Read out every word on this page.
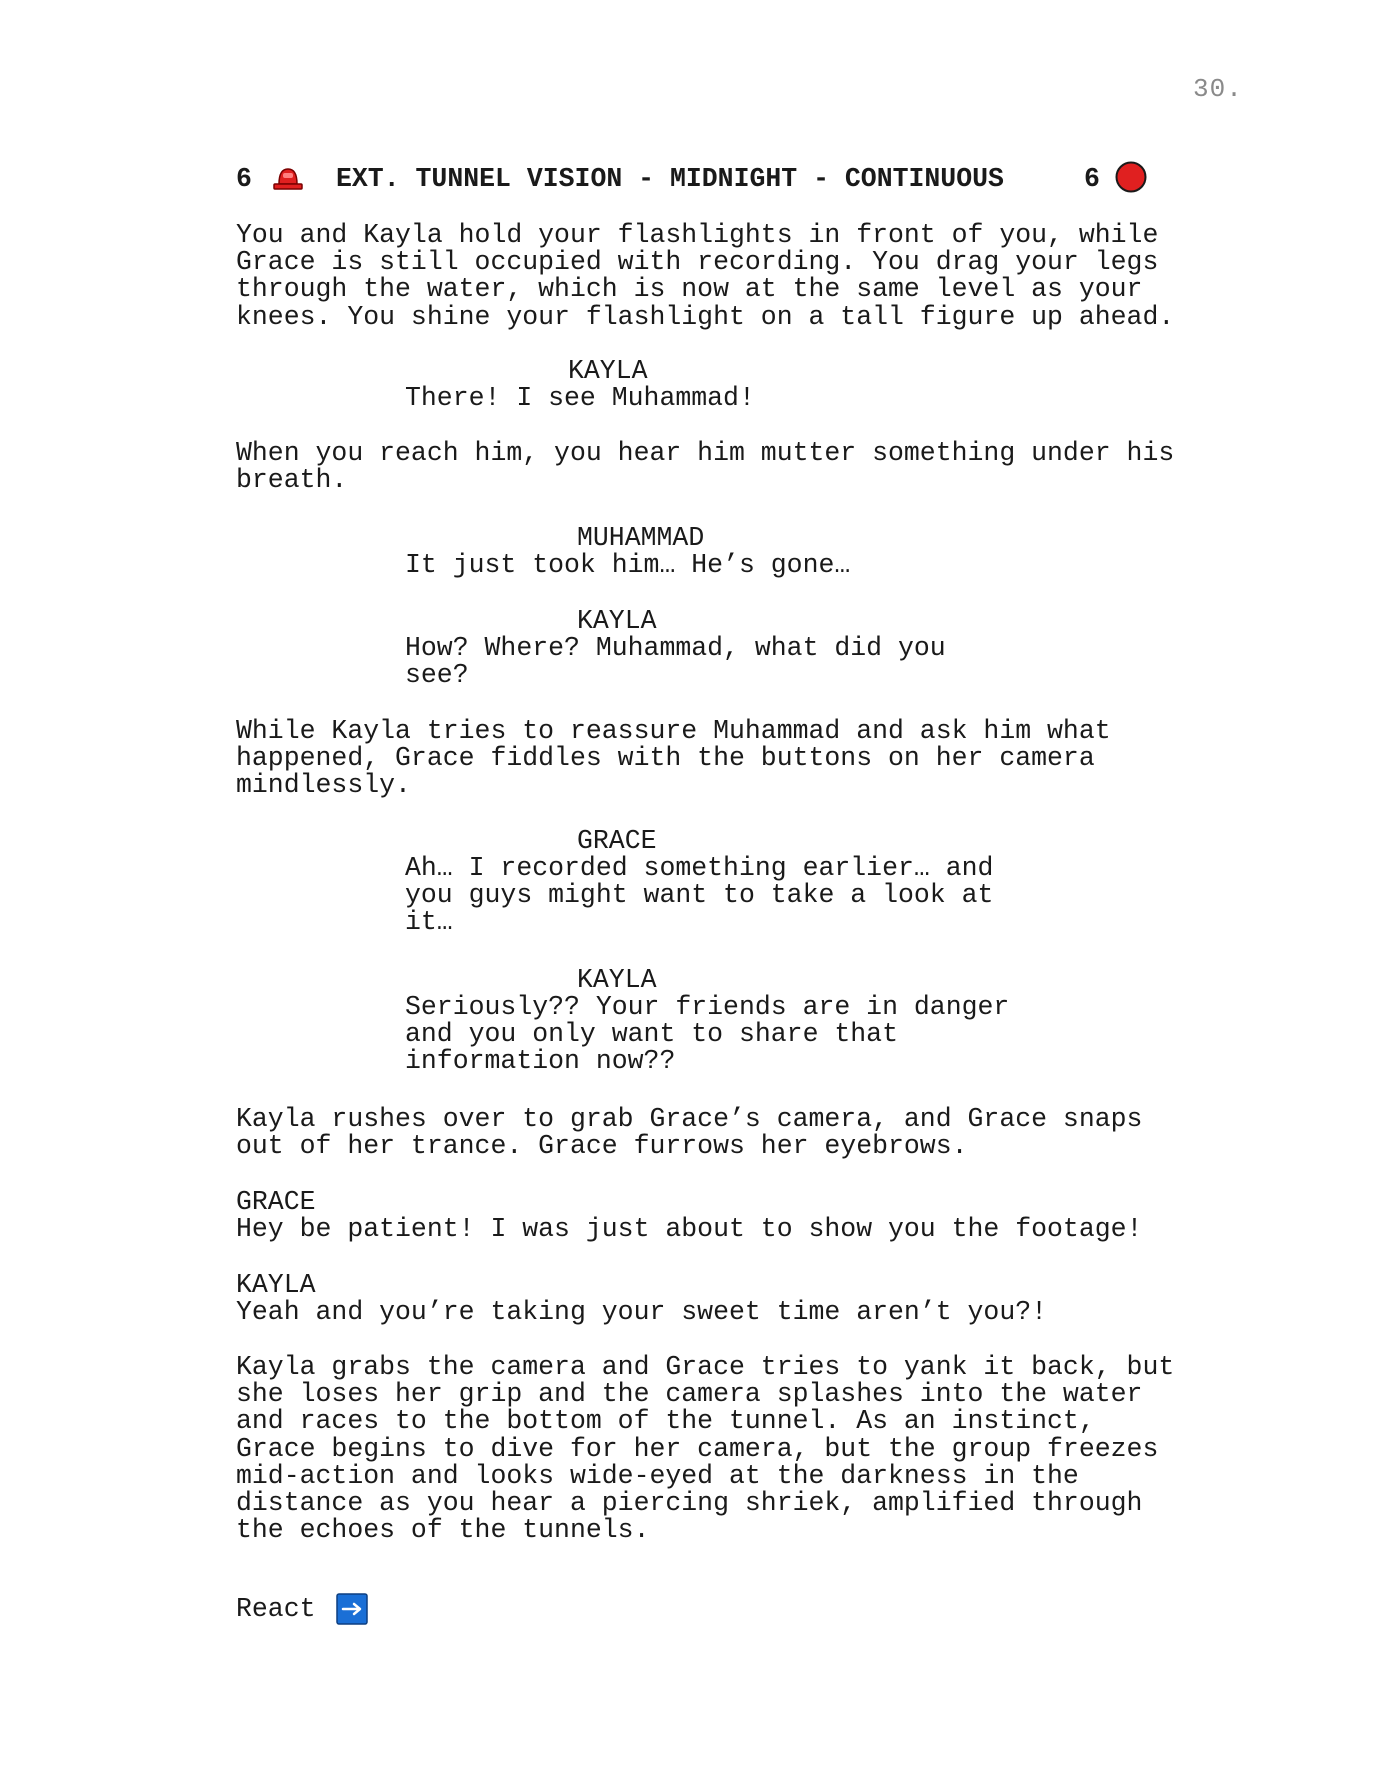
30.
6	EXT. TUNNEL VISION - MIDNIGHT - CONTINUOUS	6
You and Kayla hold your flashlights in front of you, while
Grace is still occupied with recording. You drag your legs
through the water, which is now at the same level as your
knees. You shine your flashlight on a tall figure up ahead.
KAYLA
There! I see Muhammad!
When you reach him, you hear him mutter something under his
breath.
MUHAMMAD
It just took him… He’s gone…
KAYLA
How? Where? Muhammad, what did you
see?
While Kayla tries to reassure Muhammad and ask him what
happened, Grace fiddles with the buttons on her camera
mindlessly.
GRACE
Ah… I recorded something earlier… and
you guys might want to take a look at
it…
KAYLA
Seriously?? Your friends are in danger
and you only want to share that
information now??
Kayla rushes over to grab Grace’s camera, and Grace snaps
out of her trance. Grace furrows her eyebrows.
GRACE
Hey be patient! I was just about to show you the footage!
KAYLA
Yeah and you’re taking your sweet time aren’t you?!
Kayla grabs the camera and Grace tries to yank it back, but
she loses her grip and the camera splashes into the water
and races to the bottom of the tunnel. As an instinct,
Grace begins to dive for her camera, but the group freezes
mid-action and looks wide-eyed at the darkness in the
distance as you hear a piercing shriek, amplified through
the echoes of the tunnels.
React
